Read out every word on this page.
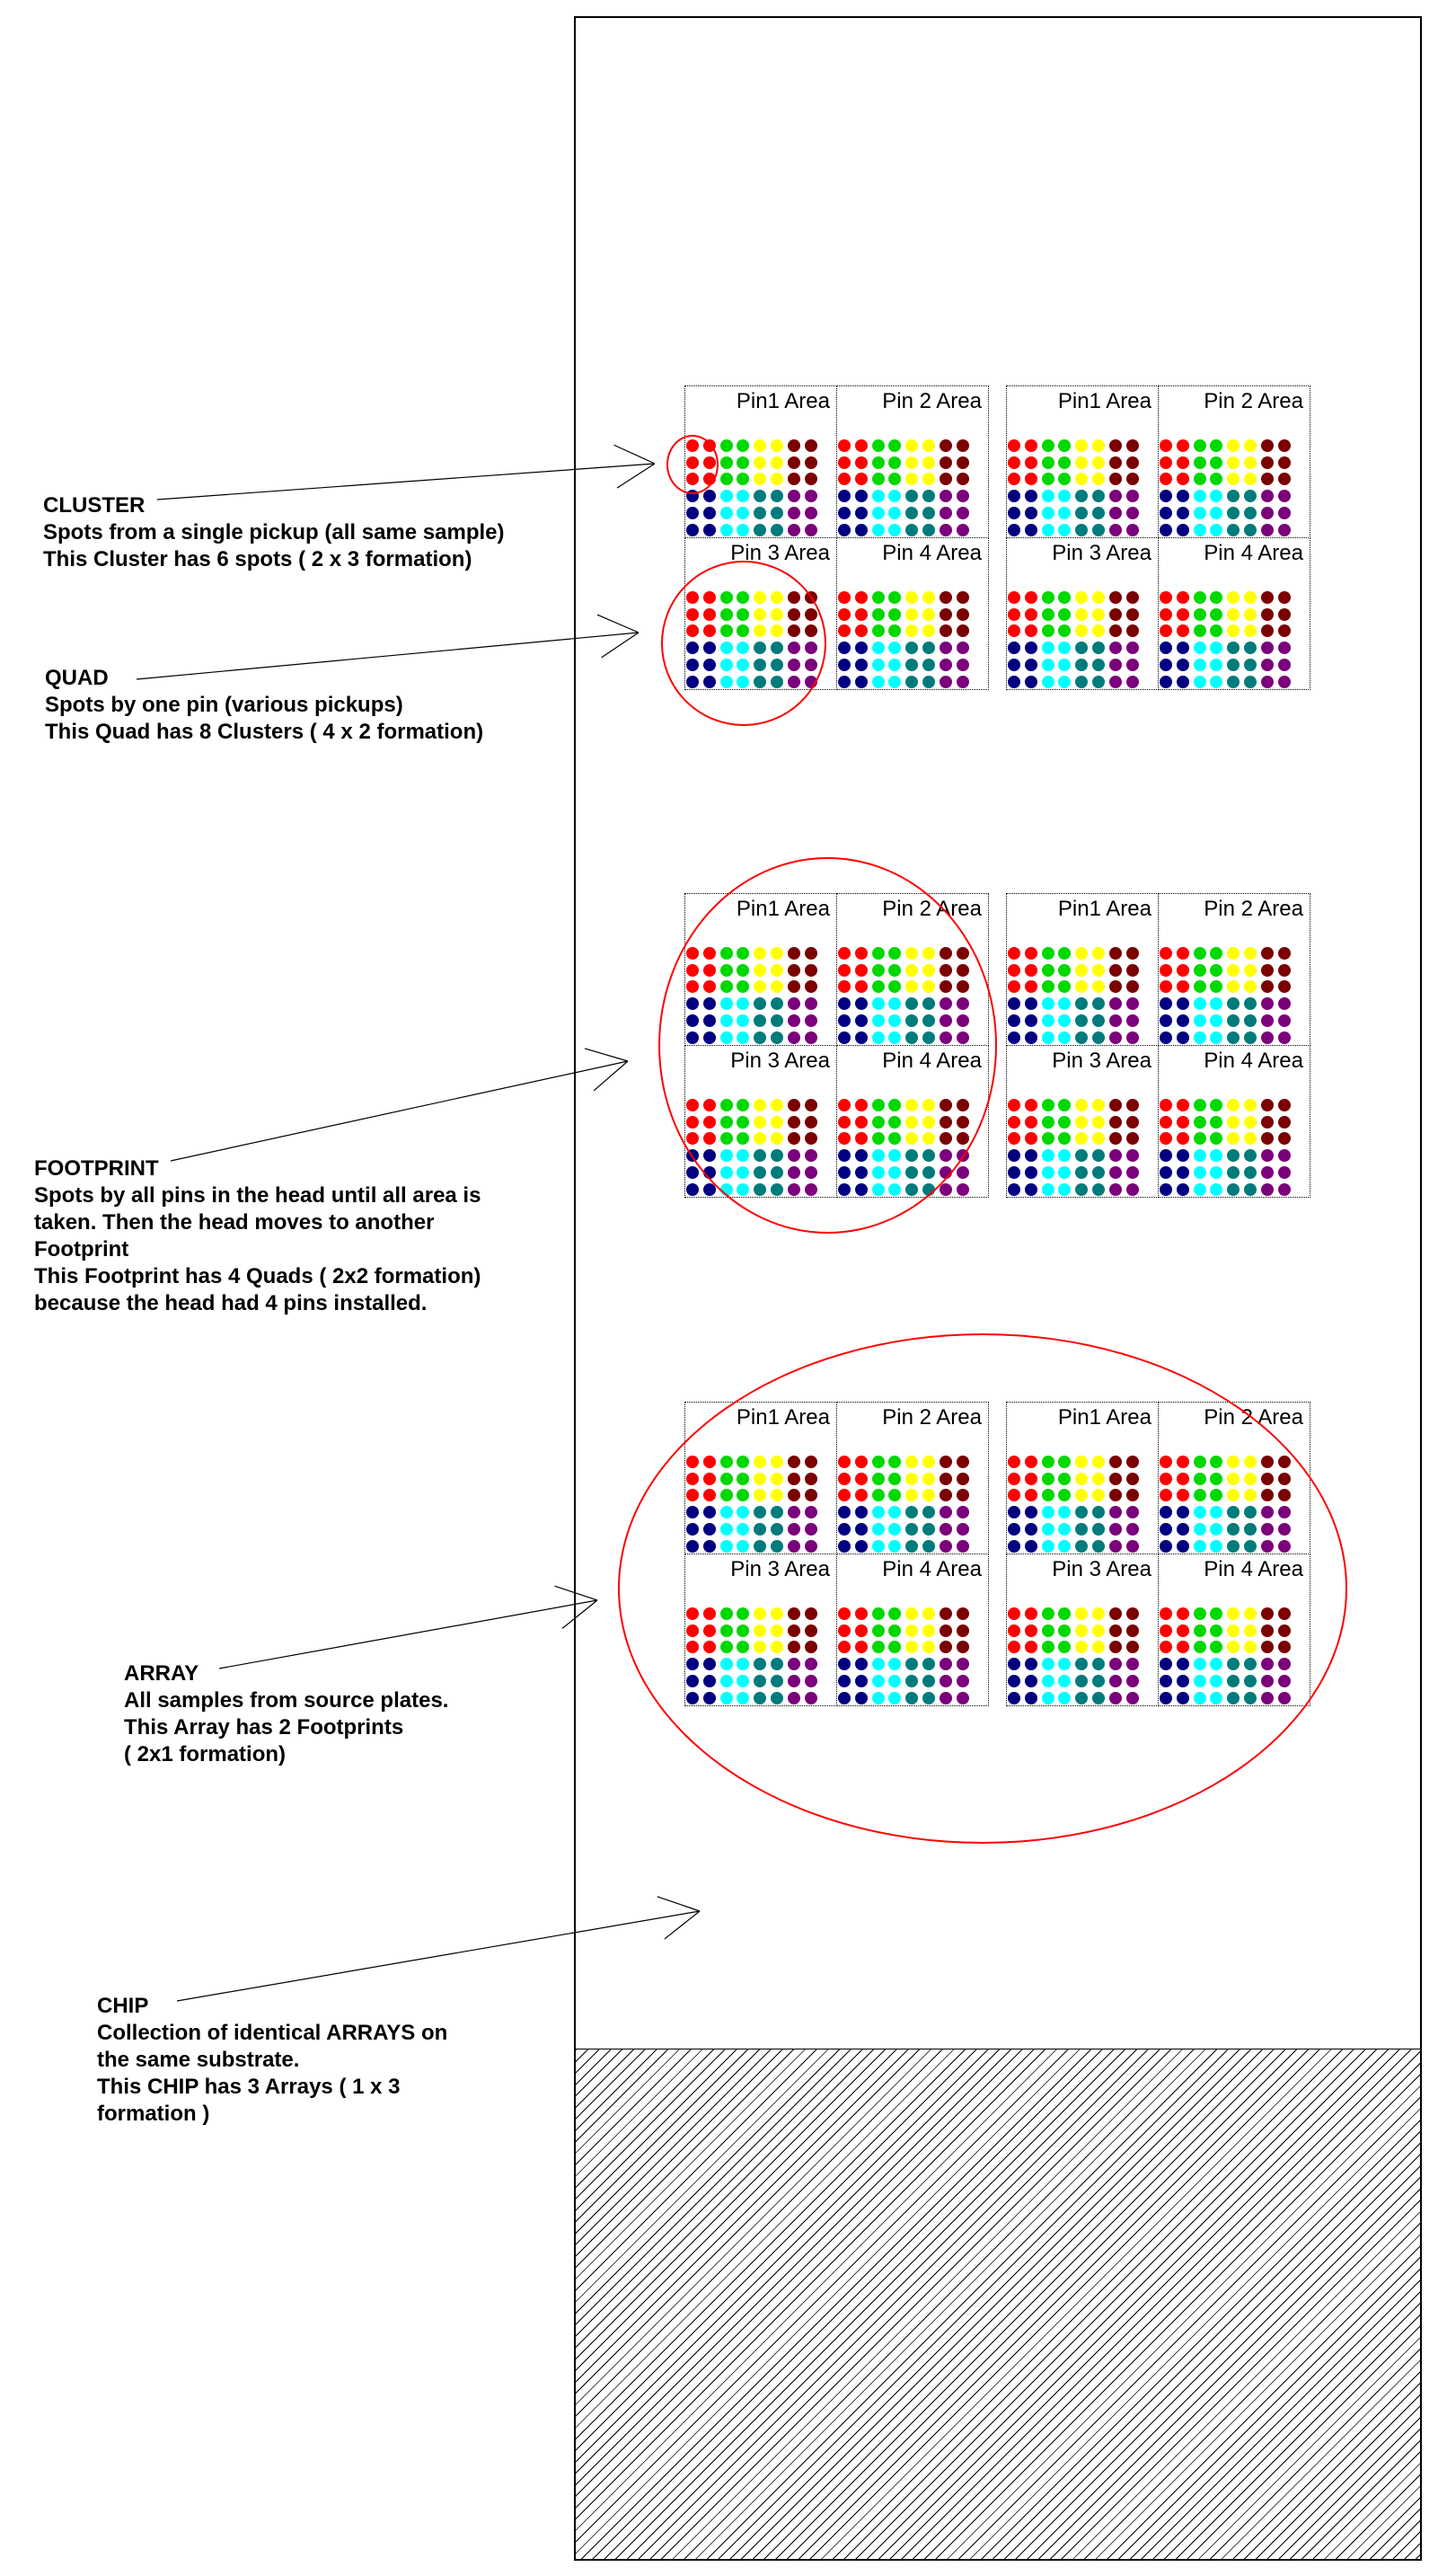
Pin1 Area Pin 2 Area
Pin 3 Area Pin 4 Area
Pin1 Area Pin 2 Area
Pin 3 Area Pin 4 Area
Pin1 Area Pin 2 Area
Pin 3 Area Pin 4 Area
Pin1 Area Pin 2 Area
Pin 3 Area Pin 4 Area
Pin1 Area Pin 2 Area
Pin 3 Area Pin 4 Area
Pin1 Area Pin 2 Area
Pin 3 Area Pin 4 Area
CLUSTER
Spots from a single pickup (all same sample)
This Cluster has 6 spots ( 2 x 3 formation)
QUAD
Spots by one pin (various pickups)
This Quad has 8 Clusters ( 4 x 2 formation)
FOOTPRINT
Spots by all pins in the head until all area is
taken. Then the head moves to another
Footprint
This Footprint has 4 Quads ( 2x2 formation)
because the head had 4 pins installed.
ARRAY
All samples from source plates.
This Array has 2 Footprints
( 2x1 formation)
CHIP
Collection of identical ARRAYS on
the same substrate.
This CHIP has 3 Arrays ( 1 x 3
formation )
